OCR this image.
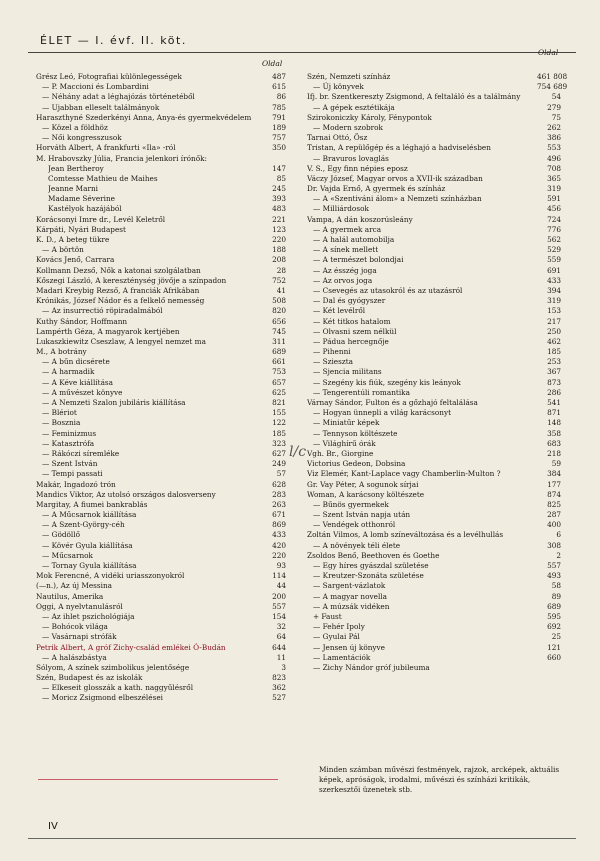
ÉLET — I. évf. II. köt.
Oldal
Oldal
Grész Leó, Fotografiai különlegességek	487
— P. Maccioni és Lombardini	615
— Néhány adat a léghajózás történetéből	86
— Ujabban elleselt találmányok	785
Haraszthyné Szederkényi Anna, Anya-és gyermekvédelem	791
— Közel a földhöz	189
— Női kongresszusok	757
Horváth Albert, A frankfurti «Ila» -ról	350
M. Hrabovszky Júlia, Francia jelenkori írónők:
Jean Bertheroy	147
Comtesse Mathieu de Maihes	85
Jeanne Marni	245
Madame Séverine	393
Kastélyok hazájából	483
Korácsonyi Imre dr., Levél Keletről	221
Kárpáti, Nyári Budapest	123
K. D., A beteg tükre	220
— A börtön	188
Kovács Jenő, Carrara	208
Kollmann Dezső, Nők a katonai szolgálatban	28
Kőszegi László, A kereszténység jövője a színpadon	752
Madari Kreybig Rezső, A franciák Afrikában	41
Krónikás, József Nádor és a felkelő nemesség	508
— Az insurrectió röpiradalmából	820
Kuthy Sándor, Hoffmann	656
Lampérth Géza, A magyarok kertjében	745
Lukaszkiewitz Cseszlaw, A lengyel nemzet ma	311
M., A botrány	689
— A bűn dicsérete	661
— A harmadik	753
— A Kéve kiállítása	657
— A művészet könyve	625
— A Nemzeti Szalon jubiláris kiállítása	821
— Blériot	155
— Bosznia	122
— Feminizmus	185
— Katasztrófa	323
— Rákóczi síremléke	627
— Szent István	249
— Tempi passati	57
Makár, Ingadozó trón	628
Mandics Viktor, Az utolsó országos dalosverseny	283
Margitay, A fiumei bankrablás	263
— A Műcsarnok kiállítása	671
— A Szent-György-céh	869
— Gödöllő	433
— Kövér Gyula kiállítása	420
— Műcsarnok	220
— Tornay Gyula kiállítása	93
Mok Ferencné, A vidéki uriasszonyokról	114
(—n.), Az új Messina	44
Nautilus, Amerika	200
Oggi, A nyelvtanulásról	557
— Az ihlet pszichológiája	154
— Bohócok világa	32
— Vasárnapi strófák	64
Petrik Albert, A gróf Zichy-család emlékei Ó-Budán	644
— A halászbástya	11
Sólyom, A színek szimbolikus jelentősége	3
Szén, Budapest és az iskolák	823
— Elkeseit glosszák a kath. naggyűlésről	362
— Moricz Zsigmond elbeszélései	527
Szén, Nemzeti színház	461 808
— Új könyvek	754 689
Ifj. br. Szentkereszty Zsigmond, A feltaláló és a találmány	54
— A gépek esztétikája	279
Szirokoniczky Károly, Fénypontok	75
— Modern szobrok	262
Tarnai Ottó, Ösz	386
Tristan, A repülőgép és a léghajó a hadviselésben	553
— Bravuros lovaglás	496
V. S., Egy finn népies eposz	708
Váczy József, Magyar orvos a XVII-ik században	365
Dr. Vajda Ernő, A gyermek és színház	319
— A «Szentiváni álom» a Nemzeti színházban	591
— Milliárdosok	456
Vampa, A dán koszorúsleány	724
— A gyermek arca	776
— A halál automobilja	562
— A sínek mellett	529
— A természet bolondjai	559
— Az ésszég joga	691
— Az orvos joga	433
— Csevegés az utasokról és az utazásról	394
— Dal és gyógyszer	319
— Két levélről	153
— Két titkos hatalom	217
— Olvasni szem nélkül	250
— Pádua hercegnője	462
— Pihenni	185
— Szieszta	253
— Sjencia militans	367
— Szegény kis fiúk, szegény kis leányok	873
— Tengerentúli romantika	286
Várnay Sándor, Fulton és a gőzhajó feltalálása	541
— Hogyan ünnepli a világ karácsonyt	871
— Miniatűr képek	148
— Tennyson költészete	358
— Világhírű órák	683
Vgh. Br., Giorgine	218
Victorius Gedeon, Dobsina	59
Viz Elemér, Kant-Laplace vagy Chamberlin-Multon ?	384
Gr. Vay Péter, A sogunok sírjai	177
Woman, A karácsony költészete	874
— Bűnös gyermekek	825
— Szent István napja után	287
— Vendégek otthonról	400
Zoltán Vilmos, A lomb színeváltozása és a levélhullás	6
— A növények téli élete	308
Zsoldos Benő, Beethoven és Goethe	2
— Egy híres gyászdal születése	557
— Kreutzer-Szonáta születése	493
— Sargent-vázlatok	58
— A magyar novella	89
— A múzsák vidéken	689
+ Faust	595
— Fehér Ipoly	692
— Gyulai Pál	25
— Jensen új könyve	121
— Lamentációk	660
— Zichy Nándor gróf jubileuma
Minden számban művészi festmények, rajzok, arcképek, aktuális képek, apróságok, irodalmi, művészi és színházi kritikák, szerkesztői üzenetek stb.
l/c
IV
